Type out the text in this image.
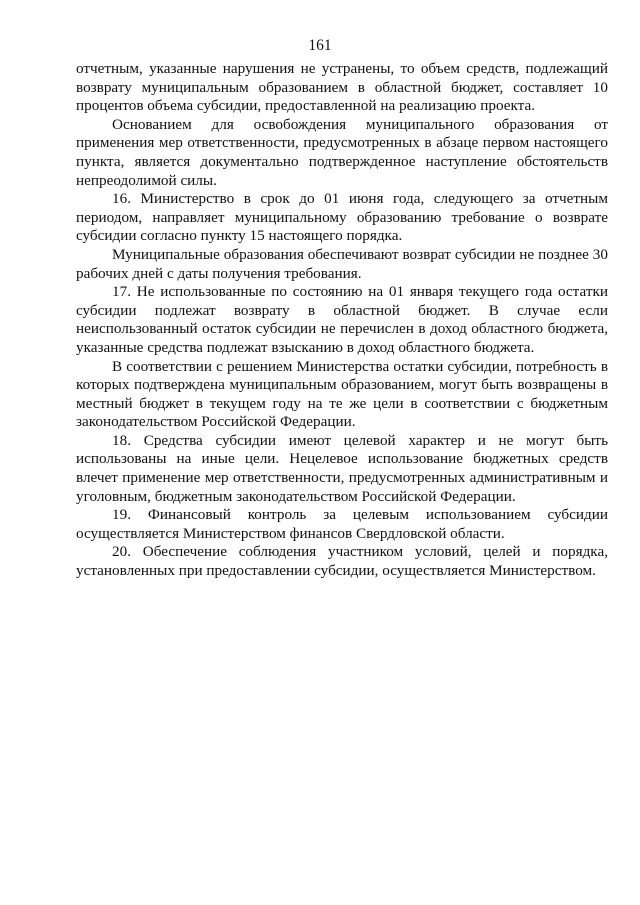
161

отчетным, указанные нарушения не устранены, то объем средств, подлежащий возврату муниципальным образованием в областной бюджет, составляет 10 процентов объема субсидии, предоставленной на реализацию проекта.

Основанием для освобождения муниципального образования от применения мер ответственности, предусмотренных в абзаце первом настоящего пункта, является документально подтвержденное наступление обстоятельств непреодолимой силы.

16. Министерство в срок до 01 июня года, следующего за отчетным периодом, направляет муниципальному образованию требование о возврате субсидии согласно пункту 15 настоящего порядка.

Муниципальные образования обеспечивают возврат субсидии не позднее 30 рабочих дней с даты получения требования.

17. Не использованные по состоянию на 01 января текущего года остатки субсидии подлежат возврату в областной бюджет. В случае если неиспользованный остаток субсидии не перечислен в доход областного бюджета, указанные средства подлежат взысканию в доход областного бюджета.

В соответствии с решением Министерства остатки субсидии, потребность в которых подтверждена муниципальным образованием, могут быть возвращены в местный бюджет в текущем году на те же цели в соответствии с бюджетным законодательством Российской Федерации.

18. Средства субсидии имеют целевой характер и не могут быть использованы на иные цели. Нецелевое использование бюджетных средств влечет применение мер ответственности, предусмотренных административным и уголовным, бюджетным законодательством Российской Федерации.

19. Финансовый контроль за целевым использованием субсидии осуществляется Министерством финансов Свердловской области.

20. Обеспечение соблюдения участником условий, целей и порядка, установленных при предоставлении субсидии, осуществляется Министерством.
